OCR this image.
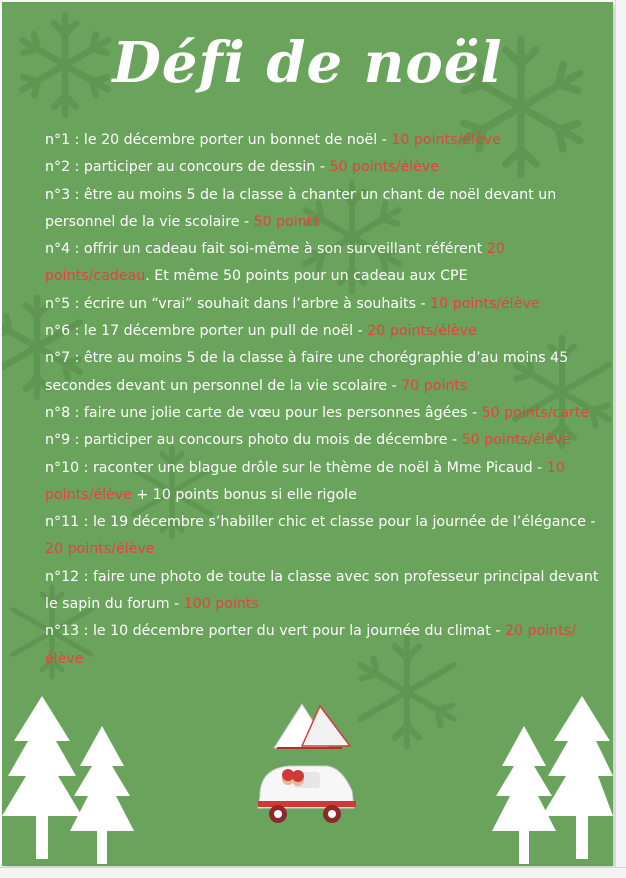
Défi de noël

n°1 : le 20 décembre porter un bonnet de noël - 10 points/élève

n°2 : participer au concours de dessin - 50 points/élève

n°3 : être au moins 5 de la classe à chanter un chant de noël devant un personnel de la vie scolaire - 50 points

n°4 : offrir un cadeau fait soi-même à son surveillant référent 20 points/cadeau. Et même 50 points pour un cadeau aux CPE

n°5 : écrire un “vrai” souhait dans l’arbre à souhaits - 10 points/élève

n°6 : le 17 décembre porter un pull de noël - 20 points/élève

n°7 : être au moins 5 de la classe à faire une chorégraphie d’au moins 45 secondes devant un personnel de la vie scolaire - 70 points

n°8 : faire une jolie carte de vœu pour les personnes âgées - 50 points/carte

n°9 : participer au concours photo du mois de décembre - 50 points/élève

n°10 : raconter une blague drôle sur le thème de noël à Mme Picaud - 10 points/élève + 10 points bonus si elle rigole

n°11 : le 19 décembre s’habiller chic et classe pour la journée de l’élégance - 20 points/élève

n°12 : faire une photo de toute la classe avec son professeur principal devant le sapin du forum - 100 points

n°13 : le 10 décembre porter du vert pour la journée du climat - 20 points/ élève
